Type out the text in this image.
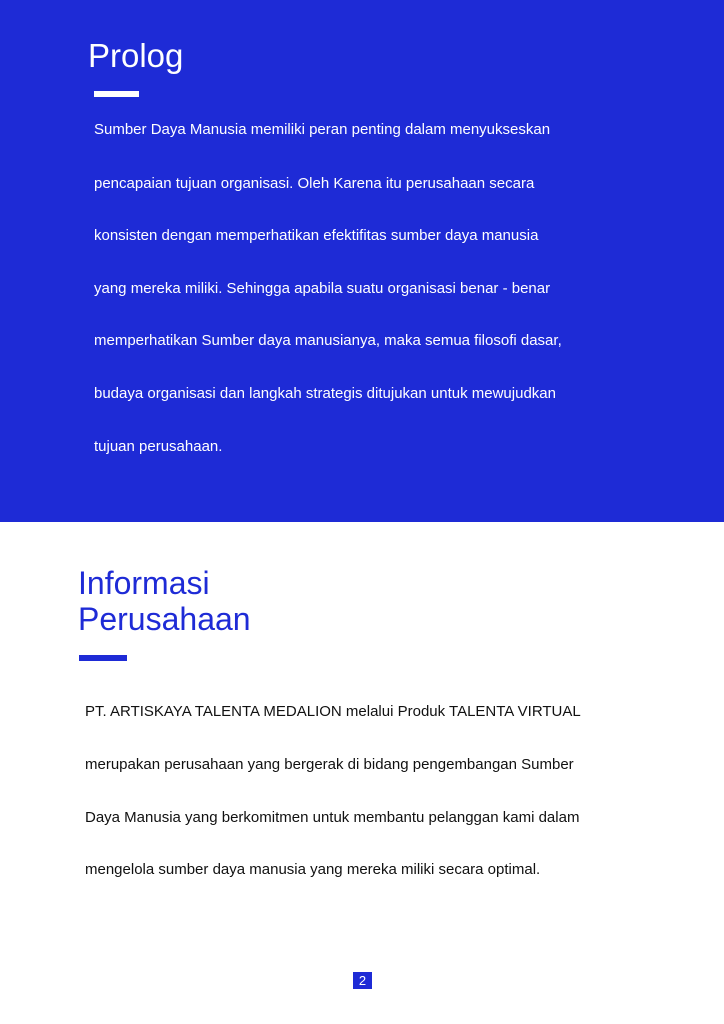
Prolog
Sumber Daya Manusia memiliki peran penting dalam menyukseskan
pencapaian tujuan organisasi. Oleh Karena itu perusahaan secara
konsisten dengan memperhatikan efektifitas sumber daya manusia
yang mereka miliki. Sehingga apabila suatu organisasi benar - benar
memperhatikan Sumber daya manusianya, maka semua filosofi dasar,
budaya organisasi dan langkah strategis ditujukan untuk mewujudkan
tujuan perusahaan.
Informasi
Perusahaan
PT. ARTISKAYA TALENTA MEDALION melalui Produk TALENTA VIRTUAL
merupakan perusahaan yang bergerak di bidang pengembangan Sumber
Daya Manusia yang berkomitmen untuk membantu pelanggan kami dalam
mengelola sumber daya manusia yang mereka miliki secara optimal.
2
